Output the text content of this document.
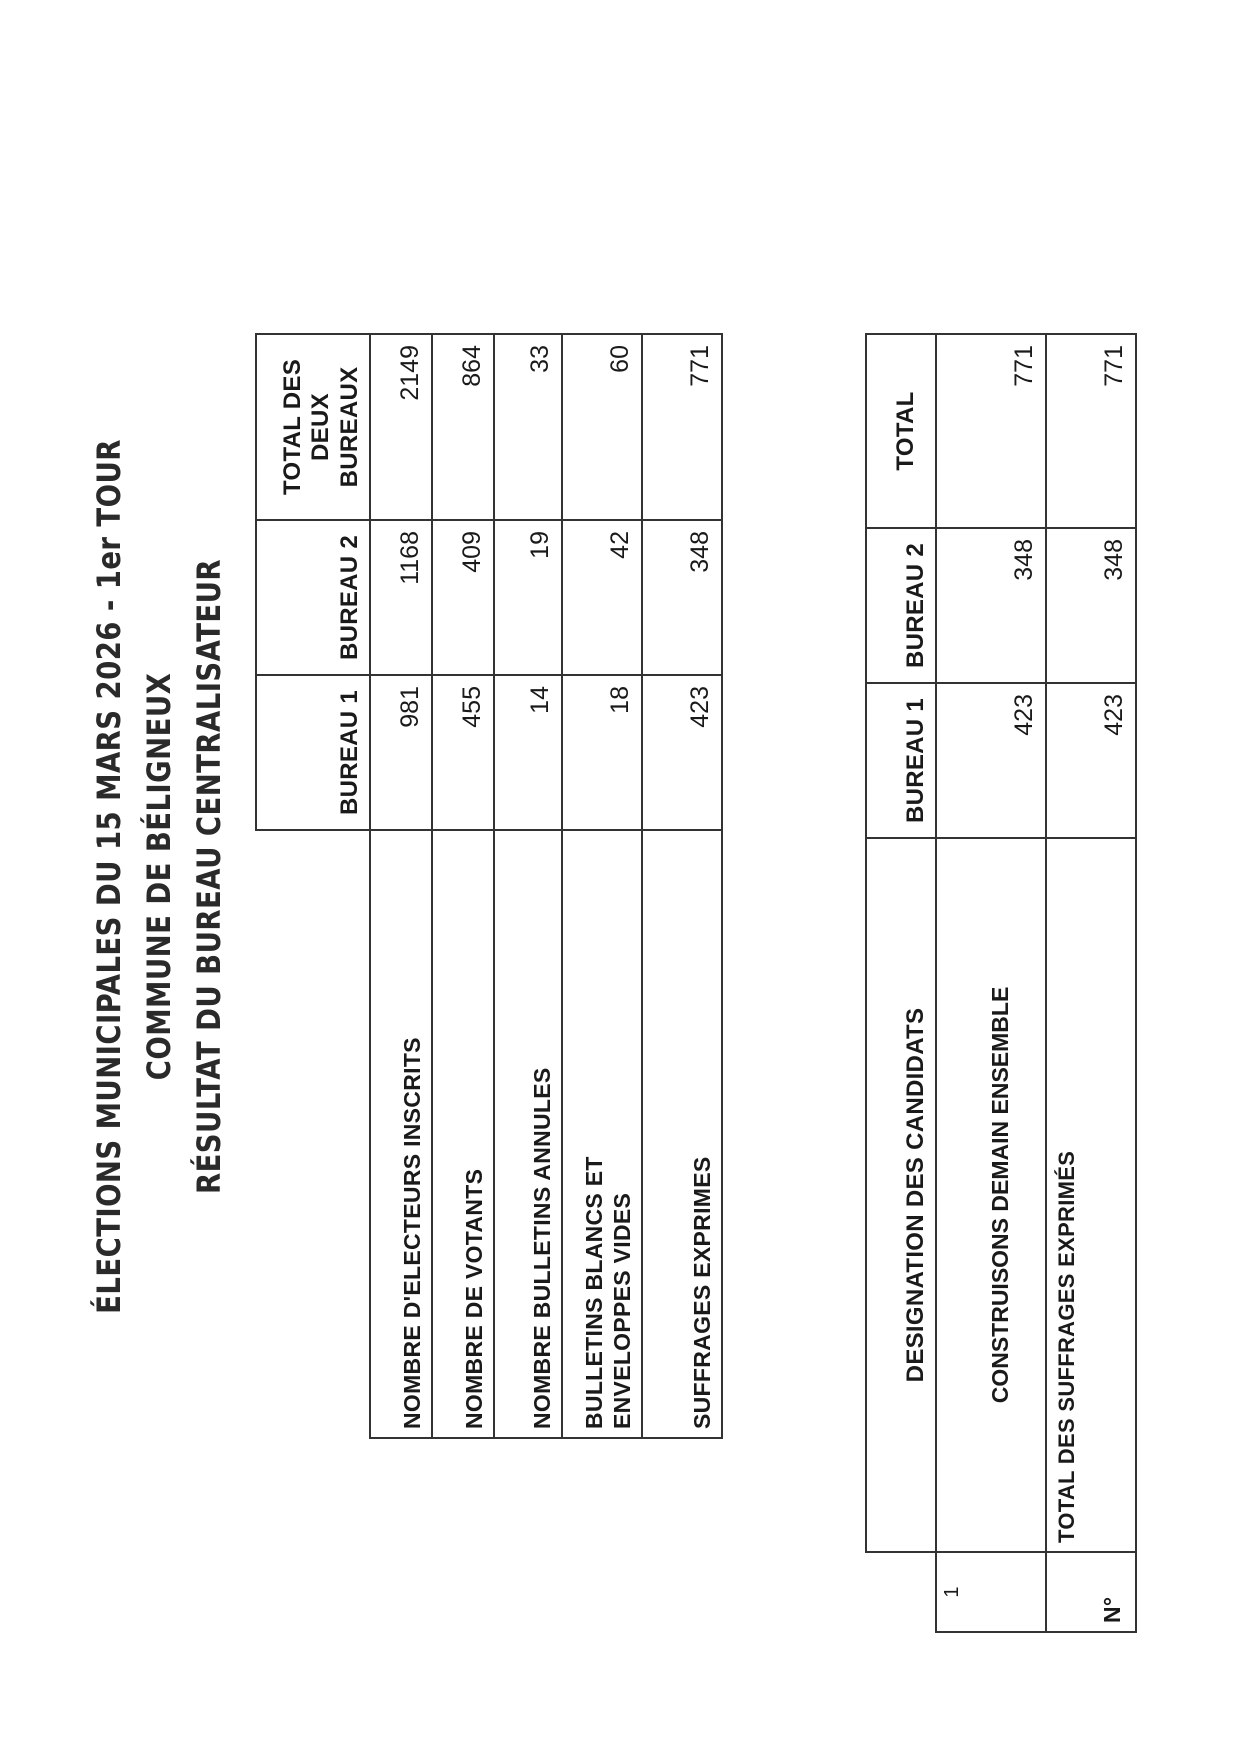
ÉLECTIONS MUNICIPALES DU 15 MARS 2026 - 1er TOUR COMMUNE DE BÉLIGNEUX RÉSULTAT DU BUREAU CENTRALISATEUR
		BUREAU 1	BUREAU 2	TOTAL DES DEUX BUREAUX
NOMBRE D'ELECTEURS INSCRITS	981	1168	2149
NOMBRE DE VOTANTS	455	409	864
NOMBRE BULLETINS ANNULES	14	19	33
BULLETINS BLANCS ET ENVELOPPES VIDES	18	42	60
SUFFRAGES EXPRIMES	423	348	771
	DESIGNATION DES CANDIDATS	BUREAU 1	BUREAU 2	TOTAL
1	CONSTRUISONS DEMAIN ENSEMBLE	423	348	771
N°	TOTAL DES SUFFRAGES EXPRIMÉS	423	348	771
